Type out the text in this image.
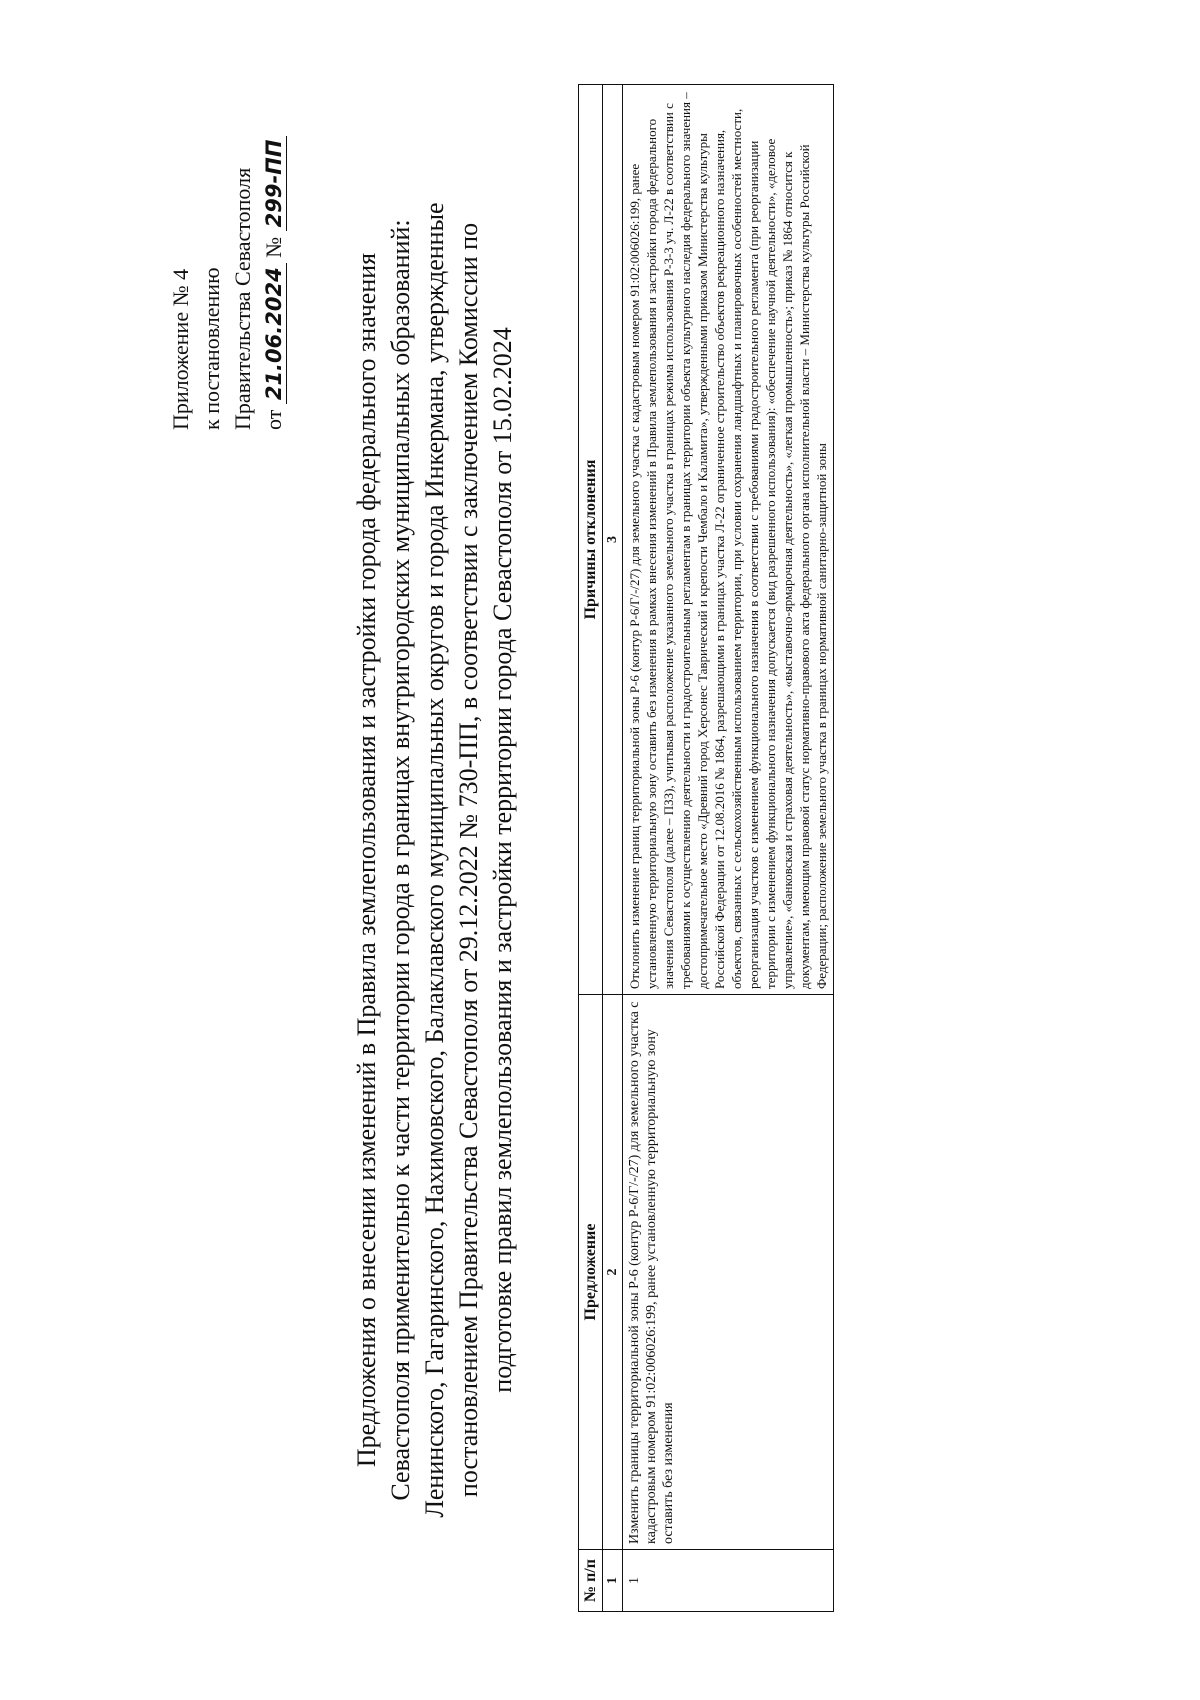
Приложение № 4 к постановлению Правительства Севастополя от 21.06.2024 № 299-ПП
Предложения о внесении изменений в Правила землепользования и застройки города федерального значения Севастополя применительно к части территории города в границах внутригородских муниципальных образований: Ленинского, Гагаринского, Нахимовского, Балаклавского муниципальных округов и города Инкермана, утвержденные постановлением Правительства Севастополя от 29.12.2022 № 730-ПП, в соответствии с заключением Комиссии по подготовке правил землепользования и застройки территории города Севастополя от 15.02.2024
№ п/п	Предложение	Причины отклонения
1	2	3
1	Изменить границы территориальной зоны Р-6 (контур Р-6/Г/-/27) для земельного участка с кадастровым номером 91:02:006026:199, ранее установленную территориальную зону оставить без изменения	Отклонить изменение границ территориальной зоны Р-6 (контур Р-6/Г/-/27) для земельного участка с кадастровым номером 91:02:006026:199, ранее установленную территориальную зону оставить без изменения в рамках внесения изменений в Правила землепользования и застройки города федерального значения Севастополя (далее – ПЗЗ), учитывая расположение указанного земельного участка в границах режима использования Р-3-3 уч. Л-22 в соответствии с требованиями к осуществлению деятельности и градостроительным регламентам в границах территории объекта культурного наследия федерального значения – достопримечательное место «Древний город Херсонес Таврический и крепости Чембало и Каламита», утвержденными приказом Министерства культуры Российской Федерации от 12.08.2016 № 1864, разрешающими в границах участка Л-22 ограниченное строительство объектов рекреационного назначения, объектов, связанных с сельскохозяйственным использованием территории, при условии сохранения ландшафтных и планировочных особенностей местности, реорганизация участков с изменением функционального назначения в соответствии с требованиями градостроительного регламента (при реорганизации территории с изменением функционального назначения допускается (вид разрешенного использования): «обеспечение научной деятельности», «деловое управление», «банковская и страховая деятельность», «выставочно-ярмарочная деятельность», «легкая промышленность»; приказ № 1864 относится к документам, имеющим правовой статус нормативно-правового акта федерального органа исполнительной власти – Министерства культуры Российской Федерации; расположение земельного участка в границах нормативной санитарно-защитной зоны
